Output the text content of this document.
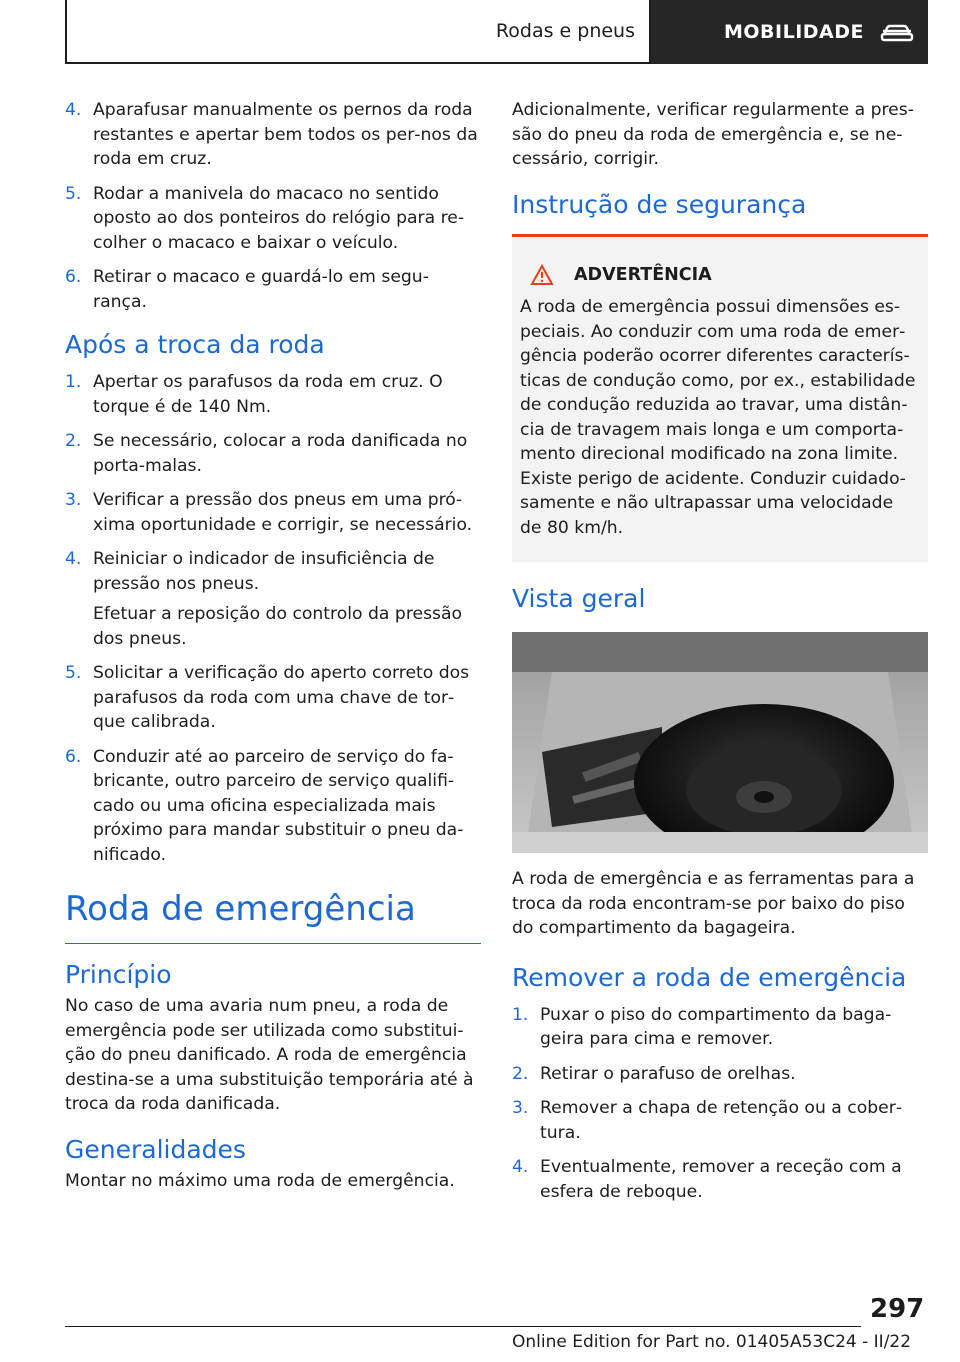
Rodas e pneus	MOBILIDADE
4. Aparafusar manualmente os pernos da roda restantes e apertar bem todos os per‐nos da roda em cruz.
5. Rodar a manivela do macaco no sentido oposto ao dos ponteiros do relógio para re‐colher o macaco e baixar o veículo.
6. Retirar o macaco e guardá-lo em segu‐rança.
Após a troca da roda
1. Apertar os parafusos da roda em cruz. O torque é de 140 Nm.
2. Se necessário, colocar a roda danificada no porta-malas.
3. Verificar a pressão dos pneus em uma pró‐xima oportunidade e corrigir, se necessário.
4. Reiniciar o indicador de insuficiência de pressão nos pneus.
Efetuar a reposição do controlo da pressão dos pneus.
5. Solicitar a verificação do aperto correto dos parafusos da roda com uma chave de tor‐que calibrada.
6. Conduzir até ao parceiro de serviço do fa‐bricante, outro parceiro de serviço qualifi‐cado ou uma oficina especializada mais próximo para mandar substituir o pneu da‐nificado.
Roda de emergência
Princípio

No caso de uma avaria num pneu, a roda de emergência pode ser utilizada como substitui‐ção do pneu danificado. A roda de emergência destina-se a uma substituição temporária até à troca da roda danificada.

Generalidades

Montar no máximo uma roda de emergência.

Adicionalmente, verificar regularmente a pres‐são do pneu da roda de emergência e, se ne‐cessário, corrigir.

Instrução de segurança
ADVERTÊNCIA

A roda de emergência possui dimensões es‐peciais. Ao conduzir com uma roda de emer‐gência poderão ocorrer diferentes caracterís‐ticas de condução como, por ex., estabilidade de condução reduzida ao travar, uma distân‐cia de travagem mais longa e um comporta‐mento direcional modificado na zona limite. Existe perigo de acidente. Conduzir cuidado‐samente e não ultrapassar uma velocidade de 80 km/h.

Vista geral

A roda de emergência e as ferramentas para a troca da roda encontram-se por baixo do piso do compartimento da bagageira.

Remover a roda de emergência
1. Puxar o piso do compartimento da baga‐geira para cima e remover.
2. Retirar o parafuso de orelhas.
3. Remover a chapa de retenção ou a cober‐tura.
4. Eventualmente, remover a receção com a esfera de reboque.
297
Online Edition for Part no. 01405A53C24 - II/22
